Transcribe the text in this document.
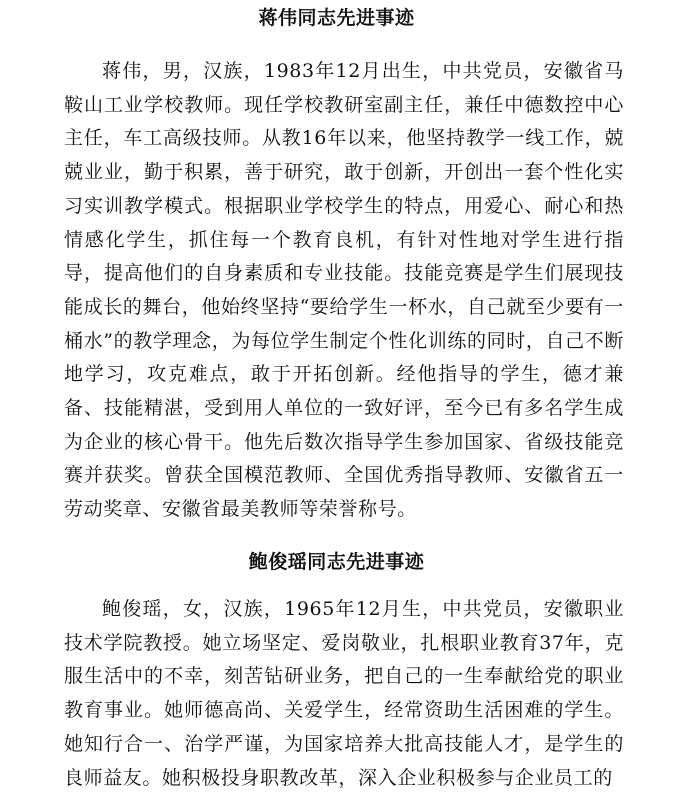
蒋伟同志先进事迹

蒋伟，男，汉族，1983年12月出生，中共党员，安徽省马鞍山工业学校教师。现任学校教研室副主任，兼任中德数控中心主任，车工高级技师。从教16年以来，他坚持教学一线工作，兢兢业业，勤于积累，善于研究，敢于创新，开创出一套个性化实习实训教学模式。根据职业学校学生的特点，用爱心、耐心和热情感化学生，抓住每一个教育良机，有针对性地对学生进行指导，提高他们的自身素质和专业技能。技能竞赛是学生们展现技能成长的舞台，他始终坚持“要给学生一杯水，自己就至少要有一桶水”的教学理念，为每位学生制定个性化训练的同时，自己不断地学习，攻克难点，敢于开拓创新。经他指导的学生，德才兼备、技能精湛，受到用人单位的一致好评，至今已有多名学生成为企业的核心骨干。他先后数次指导学生参加国家、省级技能竞赛并获奖。曾获全国模范教师、全国优秀指导教师、安徽省五一劳动奖章、安徽省最美教师等荣誉称号。

鲍俊瑶同志先进事迹

鲍俊瑶，女，汉族，1965年12月生，中共党员，安徽职业技术学院教授。她立场坚定、爱岗敬业，扎根职业教育37年，克服生活中的不幸，刻苦钻研业务，把自己的一生奉献给党的职业教育事业。她师德高尚、关爱学生，经常资助生活困难的学生。她知行合一、治学严谨，为国家培养大批高技能人才，是学生的良师益友。她积极投身职教改革，深入企业积极参与企业员工的
